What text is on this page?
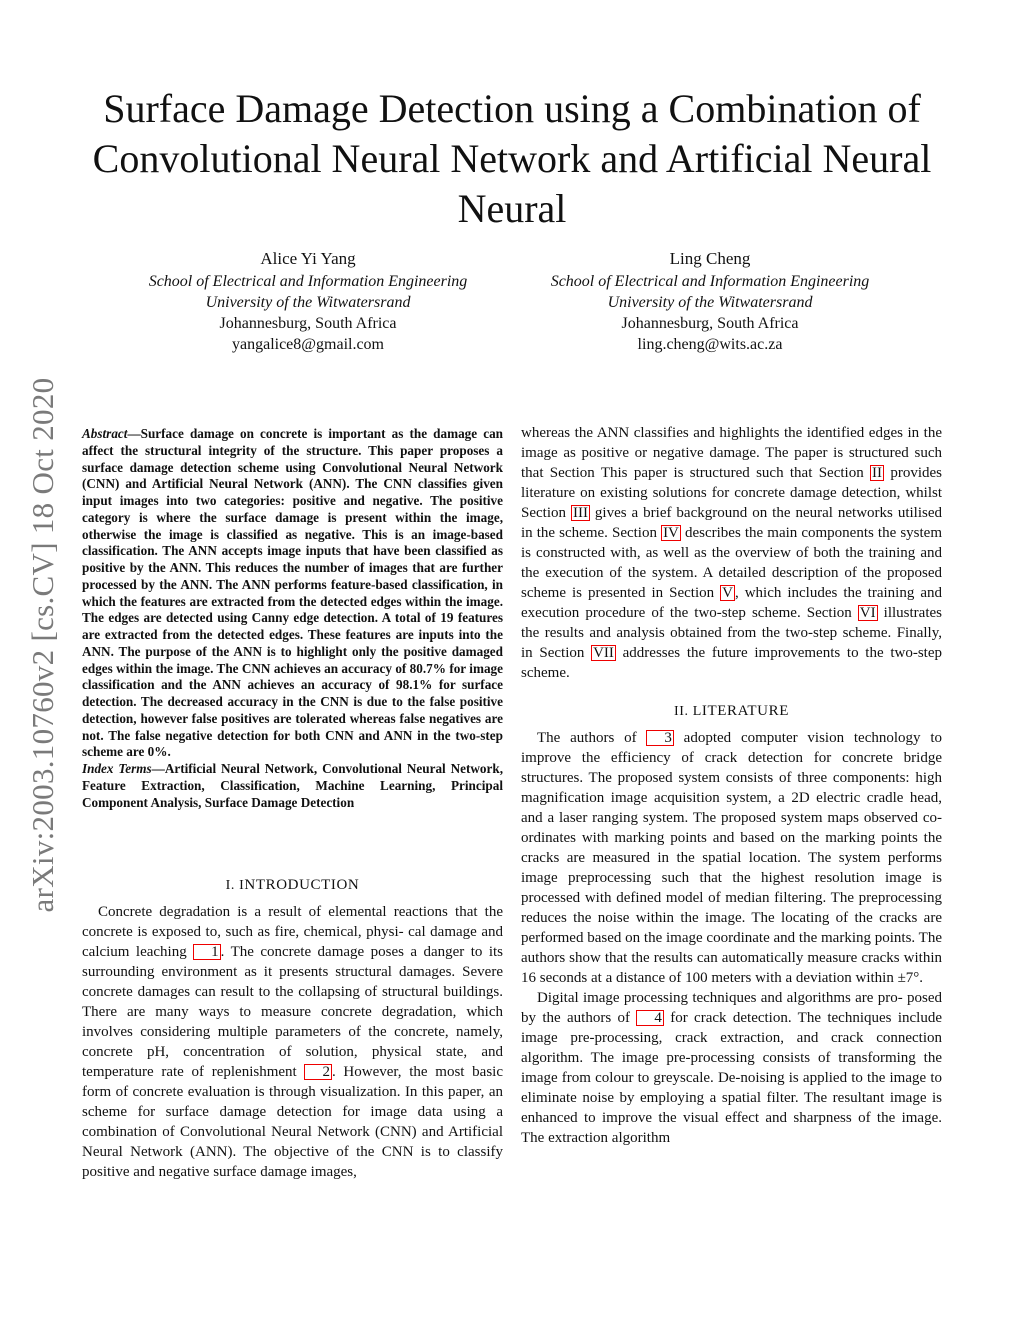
Surface Damage Detection using a Combination of Convolutional Neural Network and Artificial Neural Neural
Alice Yi Yang
School of Electrical and Information Engineering
University of the Witwatersrand
Johannesburg, South Africa
yangalice8@gmail.com
Ling Cheng
School of Electrical and Information Engineering
University of the Witwatersrand
Johannesburg, South Africa
ling.cheng@wits.ac.za
arXiv:2003.10760v2 [cs.CV] 18 Oct 2020 Abstract—Surface damage on concrete is important as the damage can affect the structural integrity of the structure. This paper proposes a surface damage detection scheme using Convolutional Neural Network (CNN) and Artificial Neural Network (ANN). The CNN classifies given input images into two categories: positive and negative. The positive category is where the surface damage is present within the image, otherwise the image is classified as negative. This is an image-based classification. The ANN accepts image inputs that have been classified as positive by the ANN. This reduces the number of images that are further processed by the ANN. The ANN performs feature-based classification, in which the features are extracted from the detected edges within the image. The edges are detected using Canny edge detection. A total of 19 features are extracted from the detected edges. These features are inputs into the ANN. The purpose of the ANN is to highlight only the positive damaged edges within the image. The CNN achieves an accuracy of 80.7% for image classification and the ANN achieves an accuracy of 98.1% for surface detection. The decreased accuracy in the CNN is due to the false positive detection, however false positives are tolerated whereas false negatives are not. The false negative detection for both CNN and ANN in the two-step scheme are 0%.

Index Terms—Artificial Neural Network, Convolutional Neural Network, Feature Extraction, Classification, Machine Learning, Principal Component Analysis, Surface Damage Detection

I. INTRODUCTION

Concrete degradation is a result of elemental reactions that the concrete is exposed to, such as fire, chemical, physi- cal damage and calcium leaching 1 . The concrete damage poses a danger to its surrounding environment as it presents structural damages. Severe concrete damages can result to the collapsing of structural buildings. There are many ways to measure concrete degradation, which involves considering multiple parameters of the concrete, namely, concrete pH, concentration of solution, physical state, and temperature rate of replenishment 2 . However, the most basic form of concrete evaluation is through visualization. In this paper, an scheme for surface damage detection for image data using a combination of Convolutional Neural Network (CNN) and Artificial Neural Network (ANN). The objective of the CNN is to classify positive and negative surface damage images,

whereas the ANN classifies and highlights the identified edges in the image as positive or negative damage. The paper is structured such that Section This paper is structured such that Section II provides literature on existing solutions for concrete damage detection, whilst Section III gives a brief background on the neural networks utilised in the scheme. Section IV describes the main components the system is constructed with, as well as the overview of both the training and the execution of the system. A detailed description of the proposed scheme is presented in Section V , which includes the training and execution procedure of the two-step scheme. Section VI illustrates the results and analysis obtained from the two-step scheme. Finally, in Section VII addresses the future improvements to the two-step scheme.

II. LITERATURE

The authors of 3 adopted computer vision technology to improve the efficiency of crack detection for concrete bridge structures. The proposed system consists of three components: high magnification image acquisition system, a 2D electric cradle head, and a laser ranging system. The proposed system maps observed co-ordinates with marking points and based on the marking points the cracks are measured in the spatial location. The system performs image preprocessing such that the highest resolution image is processed with defined model of median filtering. The preprocessing reduces the noise within the image. The locating of the cracks are performed based on the image coordinate and the marking points. The authors show that the results can automatically measure cracks within 16 seconds at a distance of 100 meters with a deviation within ±7°.

Digital image processing techniques and algorithms are pro- posed by the authors of 4 for crack detection. The techniques include image pre-processing, crack extraction, and crack connection algorithm. The image pre-processing consists of transforming the image from colour to greyscale. De-noising is applied to the image to eliminate noise by employing a spatial filter. The resultant image is enhanced to improve the visual effect and sharpness of the image. The extraction algorithm
